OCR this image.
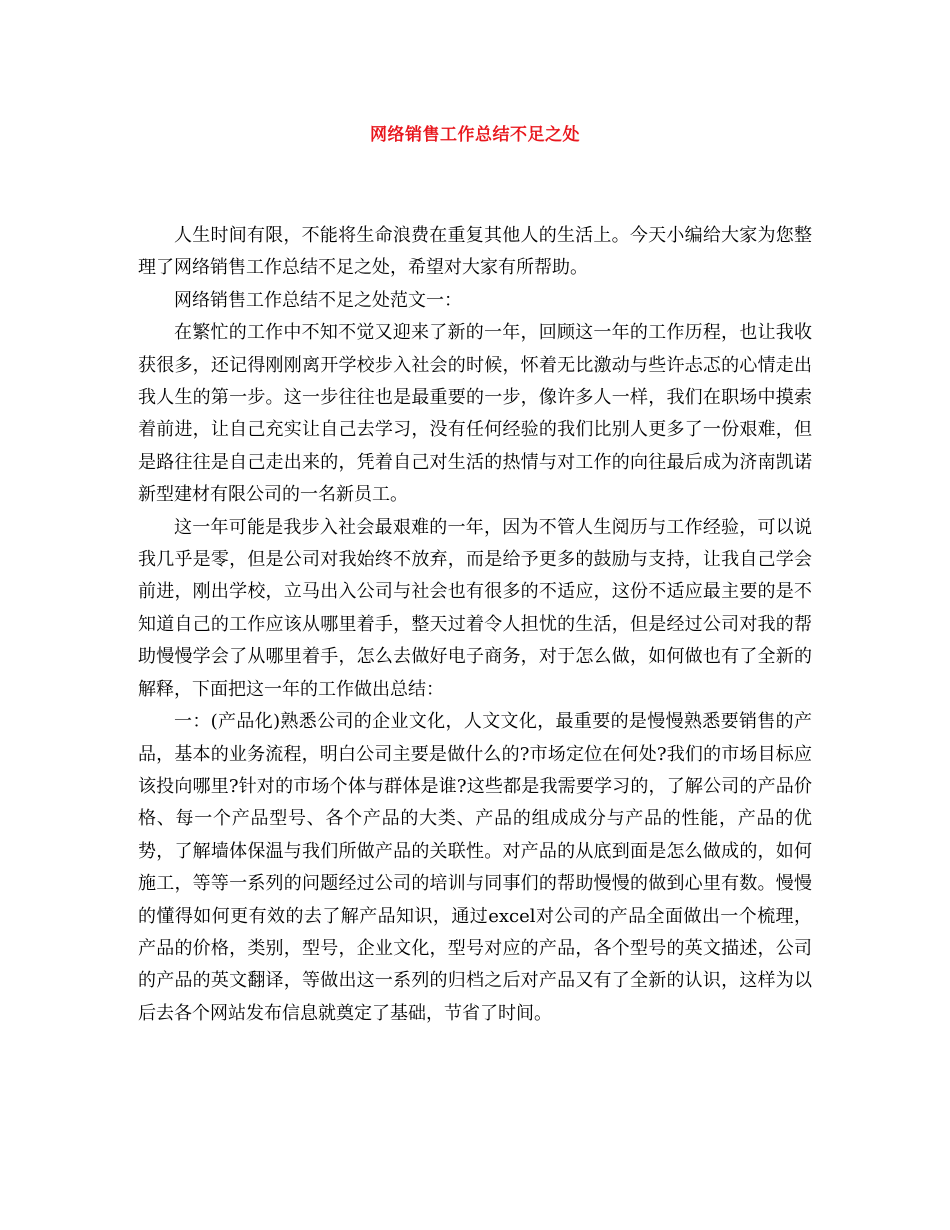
网络销售工作总结不足之处

人生时间有限，不能将生命浪费在重复其他人的生活上。今天小编给大家为您整理了网络销售工作总结不足之处，希望对大家有所帮助。

网络销售工作总结不足之处范文一：

在繁忙的工作中不知不觉又迎来了新的一年，回顾这一年的工作历程，也让我收获很多，还记得刚刚离开学校步入社会的时候，怀着无比激动与些许忐忑的心情走出我人生的第一步。这一步往往也是最重要的一步，像许多人一样，我们在职场中摸索着前进，让自己充实让自己去学习，没有任何经验的我们比别人更多了一份艰难，但是路往往是自己走出来的，凭着自己对生活的热情与对工作的向往最后成为济南凯诺新型建材有限公司的一名新员工。

这一年可能是我步入社会最艰难的一年，因为不管人生阅历与工作经验，可以说我几乎是零，但是公司对我始终不放弃，而是给予更多的鼓励与支持，让我自己学会前进，刚出学校，立马出入公司与社会也有很多的不适应，这份不适应最主要的是不知道自己的工作应该从哪里着手，整天过着令人担忧的生活，但是经过公司对我的帮助慢慢学会了从哪里着手，怎么去做好电子商务，对于怎么做，如何做也有了全新的解释，下面把这一年的工作做出总结：

一：(产品化)熟悉公司的企业文化，人文文化，最重要的是慢慢熟悉要销售的产品，基本的业务流程，明白公司主要是做什么的?市场定位在何处?我们的市场目标应该投向哪里?针对的市场个体与群体是谁?这些都是我需要学习的，了解公司的产品价格、每一个产品型号、各个产品的大类、产品的组成成分与产品的性能，产品的优势，了解墙体保温与我们所做产品的关联性。对产品的从底到面是怎么做成的，如何施工，等等一系列的问题经过公司的培训与同事们的帮助慢慢的做到心里有数。慢慢的懂得如何更有效的去了解产品知识，通过excel对公司的产品全面做出一个梳理，产品的价格，类别，型号，企业文化，型号对应的产品，各个型号的英文描述，公司的产品的英文翻译，等做出这一系列的归档之后对产品又有了全新的认识，这样为以后去各个网站发布信息就奠定了基础，节省了时间。
